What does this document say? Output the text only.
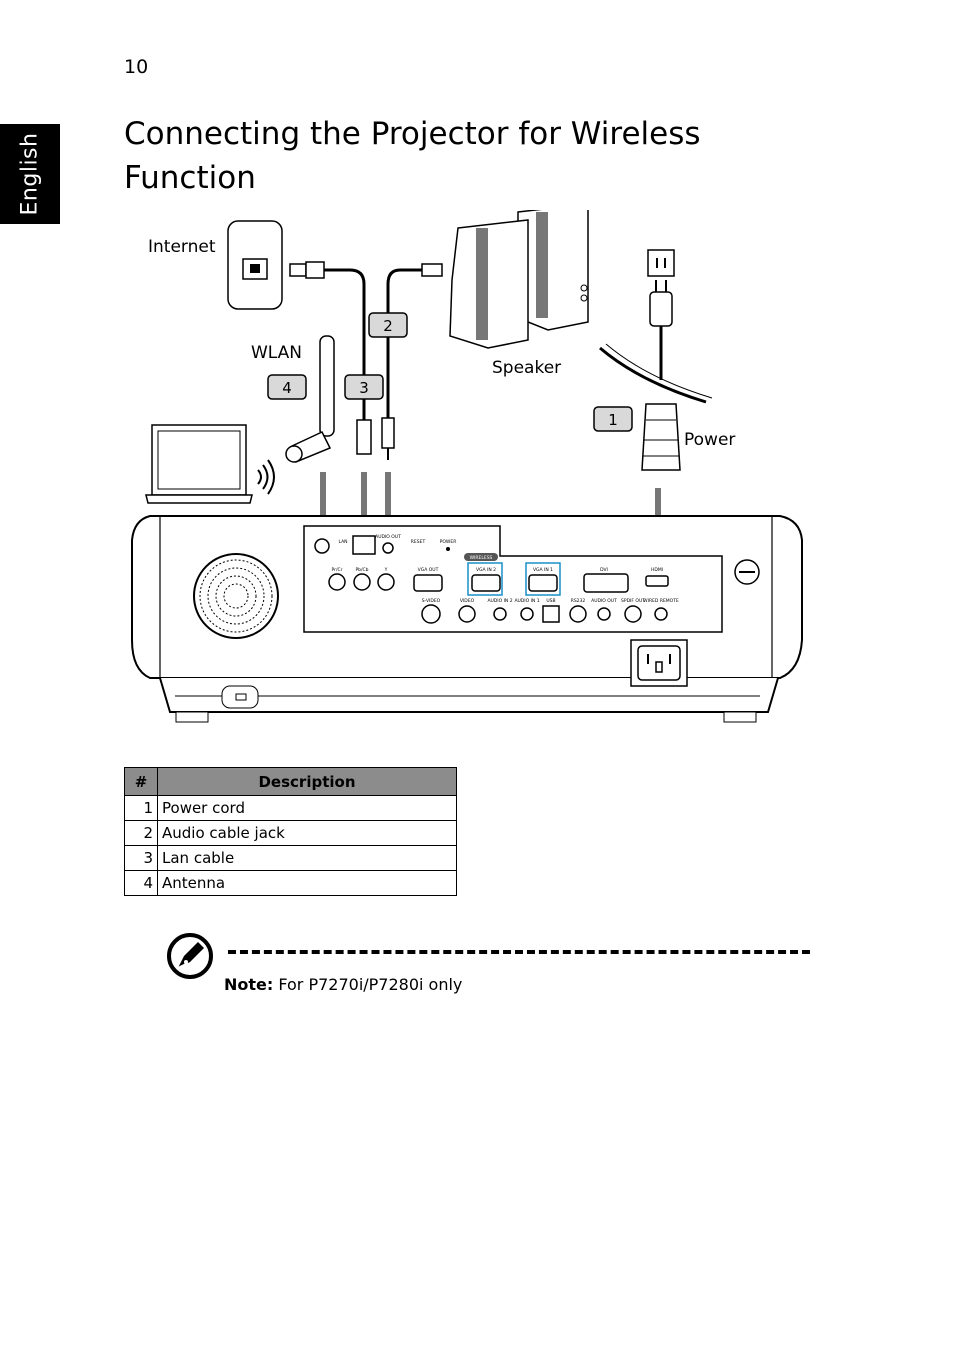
10
English	Connecting the Projector for Wireless Function
Internet
Speaker
Power
WLAN
4	3
2
1
WIRELESS
LAN
AUDIO OUT
RESET	POWER
Pr/Cr	Pb/Cb	Y	VGA OUT	VGA IN 2	VGA IN 1	DVI	HDMI
S-VIDEO	VIDEO	AUDIO IN 2 AUDIO IN 1 USB	RS232 AUDIO OUT SPDIF OUT
WIRED REMOTE
#	Description
1	Power cord
2	Audio cable jack
3	Lan cable
4	Antenna
Note: For P7270i/P7280i only
